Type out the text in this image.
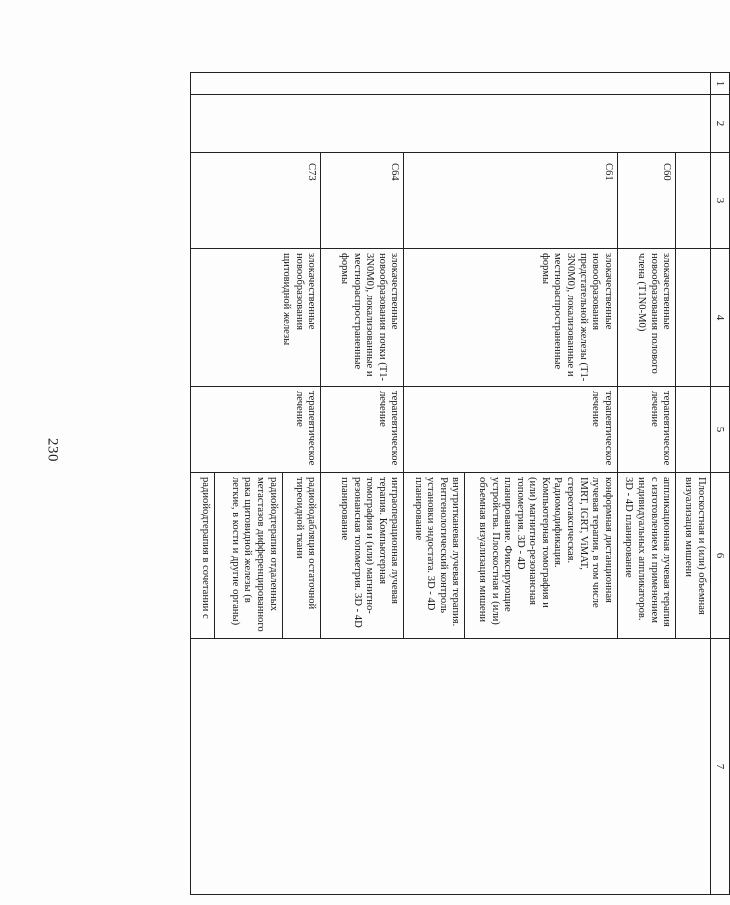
230
1	2	3	4	5	6	7
					Плоскостная и (или) объемная визуализация мишени	
		C60	злокачественные новообразования полового члена (T1N0-M0)	терапевтическое лечение	аппликационная лучевая терапия с изготовлением и применением индивидуальных аппликаторов. 3D - 4D планирование	
		C61	злокачественные новообразования предстательной железы (T1-3N0M0), локализованные и местнораспространенные формы	терапевтическое лечение	конформная дистанционная лучевая терапия, в том числе IMRT, IGRT, ViMAT, стереотаксическая. Радиомодификация. Компьютерная томография и (или) магнитно-резонансная топометрия. 3D - 4D планирование. Фиксирующие устройства. Плоскостная и (или) объемная визуализация мишени	
					внутритканевая лучевая терапия. Рентгенологический контроль установки эндостата. 3D - 4D планирование	
		C64	злокачественные новообразования почки (T1-3N0M0), локализованные и местнораспространенные формы	терапевтическое лечение	интраоперационная лучевая терапия. Компьютерная томография и (или) магнитно-резонансная топометрия. 3D - 4D планирование	
		C73	злокачественные новообразования щитовидной железы	терапевтическое лечение	радиойодабляция остаточной тиреоидной ткани	
					радиойодтерапия отдаленных метастазов дифференцированного рака щитовидной железы (в легкие, в кости и другие органы)	
					радиойодтерапия в сочетании с	
